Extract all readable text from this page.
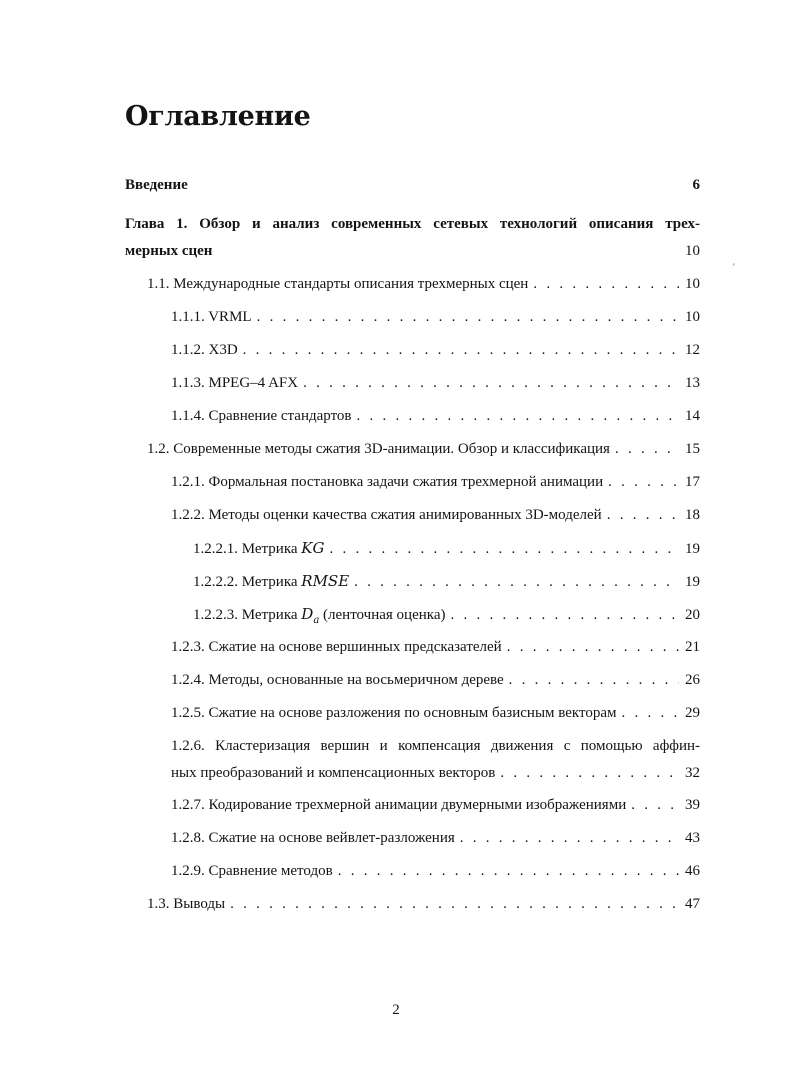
Оглавление
Введение	6
Глава 1. Обзор и анализ современных сетевых технологий описания трех-
мерных сцен	10
1.1. Международные стандарты описания трехмерных сцен . . .	10
1.1.1. VRML . . .	10
1.1.2. X3D . . .	12
1.1.3. MPEG–4 AFX . . .	13
1.1.4. Сравнение стандартов . . .	14
1.2. Современные методы сжатия 3D-анимации. Обзор и классификация . . .	15
1.2.1. Формальная постановка задачи сжатия трехмерной анимации . . .	17
1.2.2. Методы оценки качества сжатия анимированных 3D-моделей . . .	18
1.2.2.1. Метрика KG . . .	19
1.2.2.2. Метрика RMSE . . .	19
1.2.2.3. Метрика $D_a$ (ленточная оценка) . . .	20
1.2.3. Сжатие на основе вершинных предсказателей . . .	21
1.2.4. Методы, основанные на восьмеричном дереве . . .	26
1.2.5. Сжатие на основе разложения по основным базисным векторам . . .	29
1.2.6. Кластеризация вершин и компенсация движения с помощью аффин-
ных преобразований и компенсационных векторов . . .	32
1.2.7. Кодирование трехмерной анимации двумерными изображениями . . .	39
1.2.8. Сжатие на основе вейвлет-разложения . . .	43
1.2.9. Сравнение методов . . .	46
1.3. Выводы . . .	47
′
2
